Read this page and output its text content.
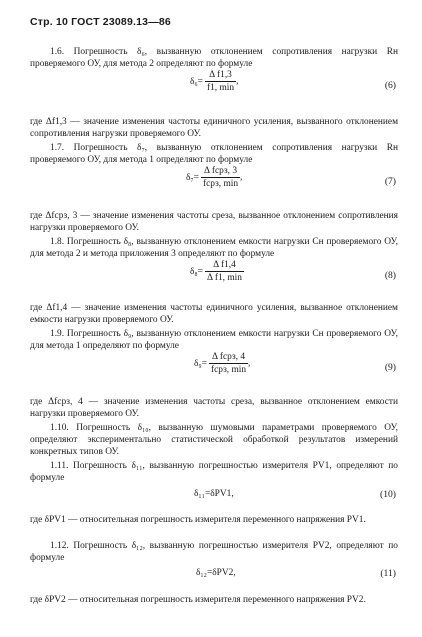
Стр. 10 ГОСТ 23089.13—86
1.6. Погрешность δ₆, вызванную отклонением сопротивления нагрузки Rн проверяемого ОУ, для метода 2 определяют по формуле
$\delta_6= \frac{\text{Δ f1,3}}{f1, \min}$ ,	(6)
где Δf1,3 — значение изменения частоты единичного усиления, вызванного отклонением сопротивления нагрузки проверяемого ОУ.
1.7. Погрешность δ₇, вызванную отклонением сопротивления нагрузки Rн проверяемого ОУ, для метода 1 определяют по формуле
$\delta_7= \frac{\text{Δ fсрз, 3}}{\text{fсрз, min}}$ ,	(7)
где Δfсрз, 3 — значение изменения частоты среза, вызванное отклонением сопротивления нагрузки проверяемого ОУ.
1.8. Погрешность δ₈, вызванную отклонением емкости нагрузки Сн проверяемого ОУ, для метода 2 и метода приложения 3 определяют по формуле
$\delta_8= \frac{\text{Δ f1,4}}{\text{Δ f1, min}}$	(8)
где Δf1,4 — значение изменения частоты единичного усиления, вызванное отклонением емкости нагрузки проверяемого ОУ.
1.9. Погрешность δ₉, вызванную отклонением емкости нагрузки Сн проверяемого ОУ, для метода 1 определяют по формуле
$\delta_9= \frac{\text{Δ fсрз, 4}}{\text{fсрз, min}}$ ,	(9)
где Δfсрз, 4 — значение изменения частоты среза, вызванное отклонением емкости нагрузки проверяемого ОУ.
1.10. Погрешность δ₁₀, вызванную шумовыми параметрами проверяемого ОУ, определяют экспериментально статистической обработкой результатов измерений конкретных типов ОУ.
1.11. Погрешность δ₁₁, вызванную погрешностью измерителя PV1, определяют по формуле
δ₁₁=δPV1,	(10)
где δPV1 — относительная погрешность измерителя переменного напряжения PV1.
1.12. Погрешность δ₁₂, вызванную погрешностью измерителя PV2, определяют по формуле
δ₁₂=δPV2,	(11)
где δPV2 — относительная погрешность измерителя переменного напряжения PV2.
